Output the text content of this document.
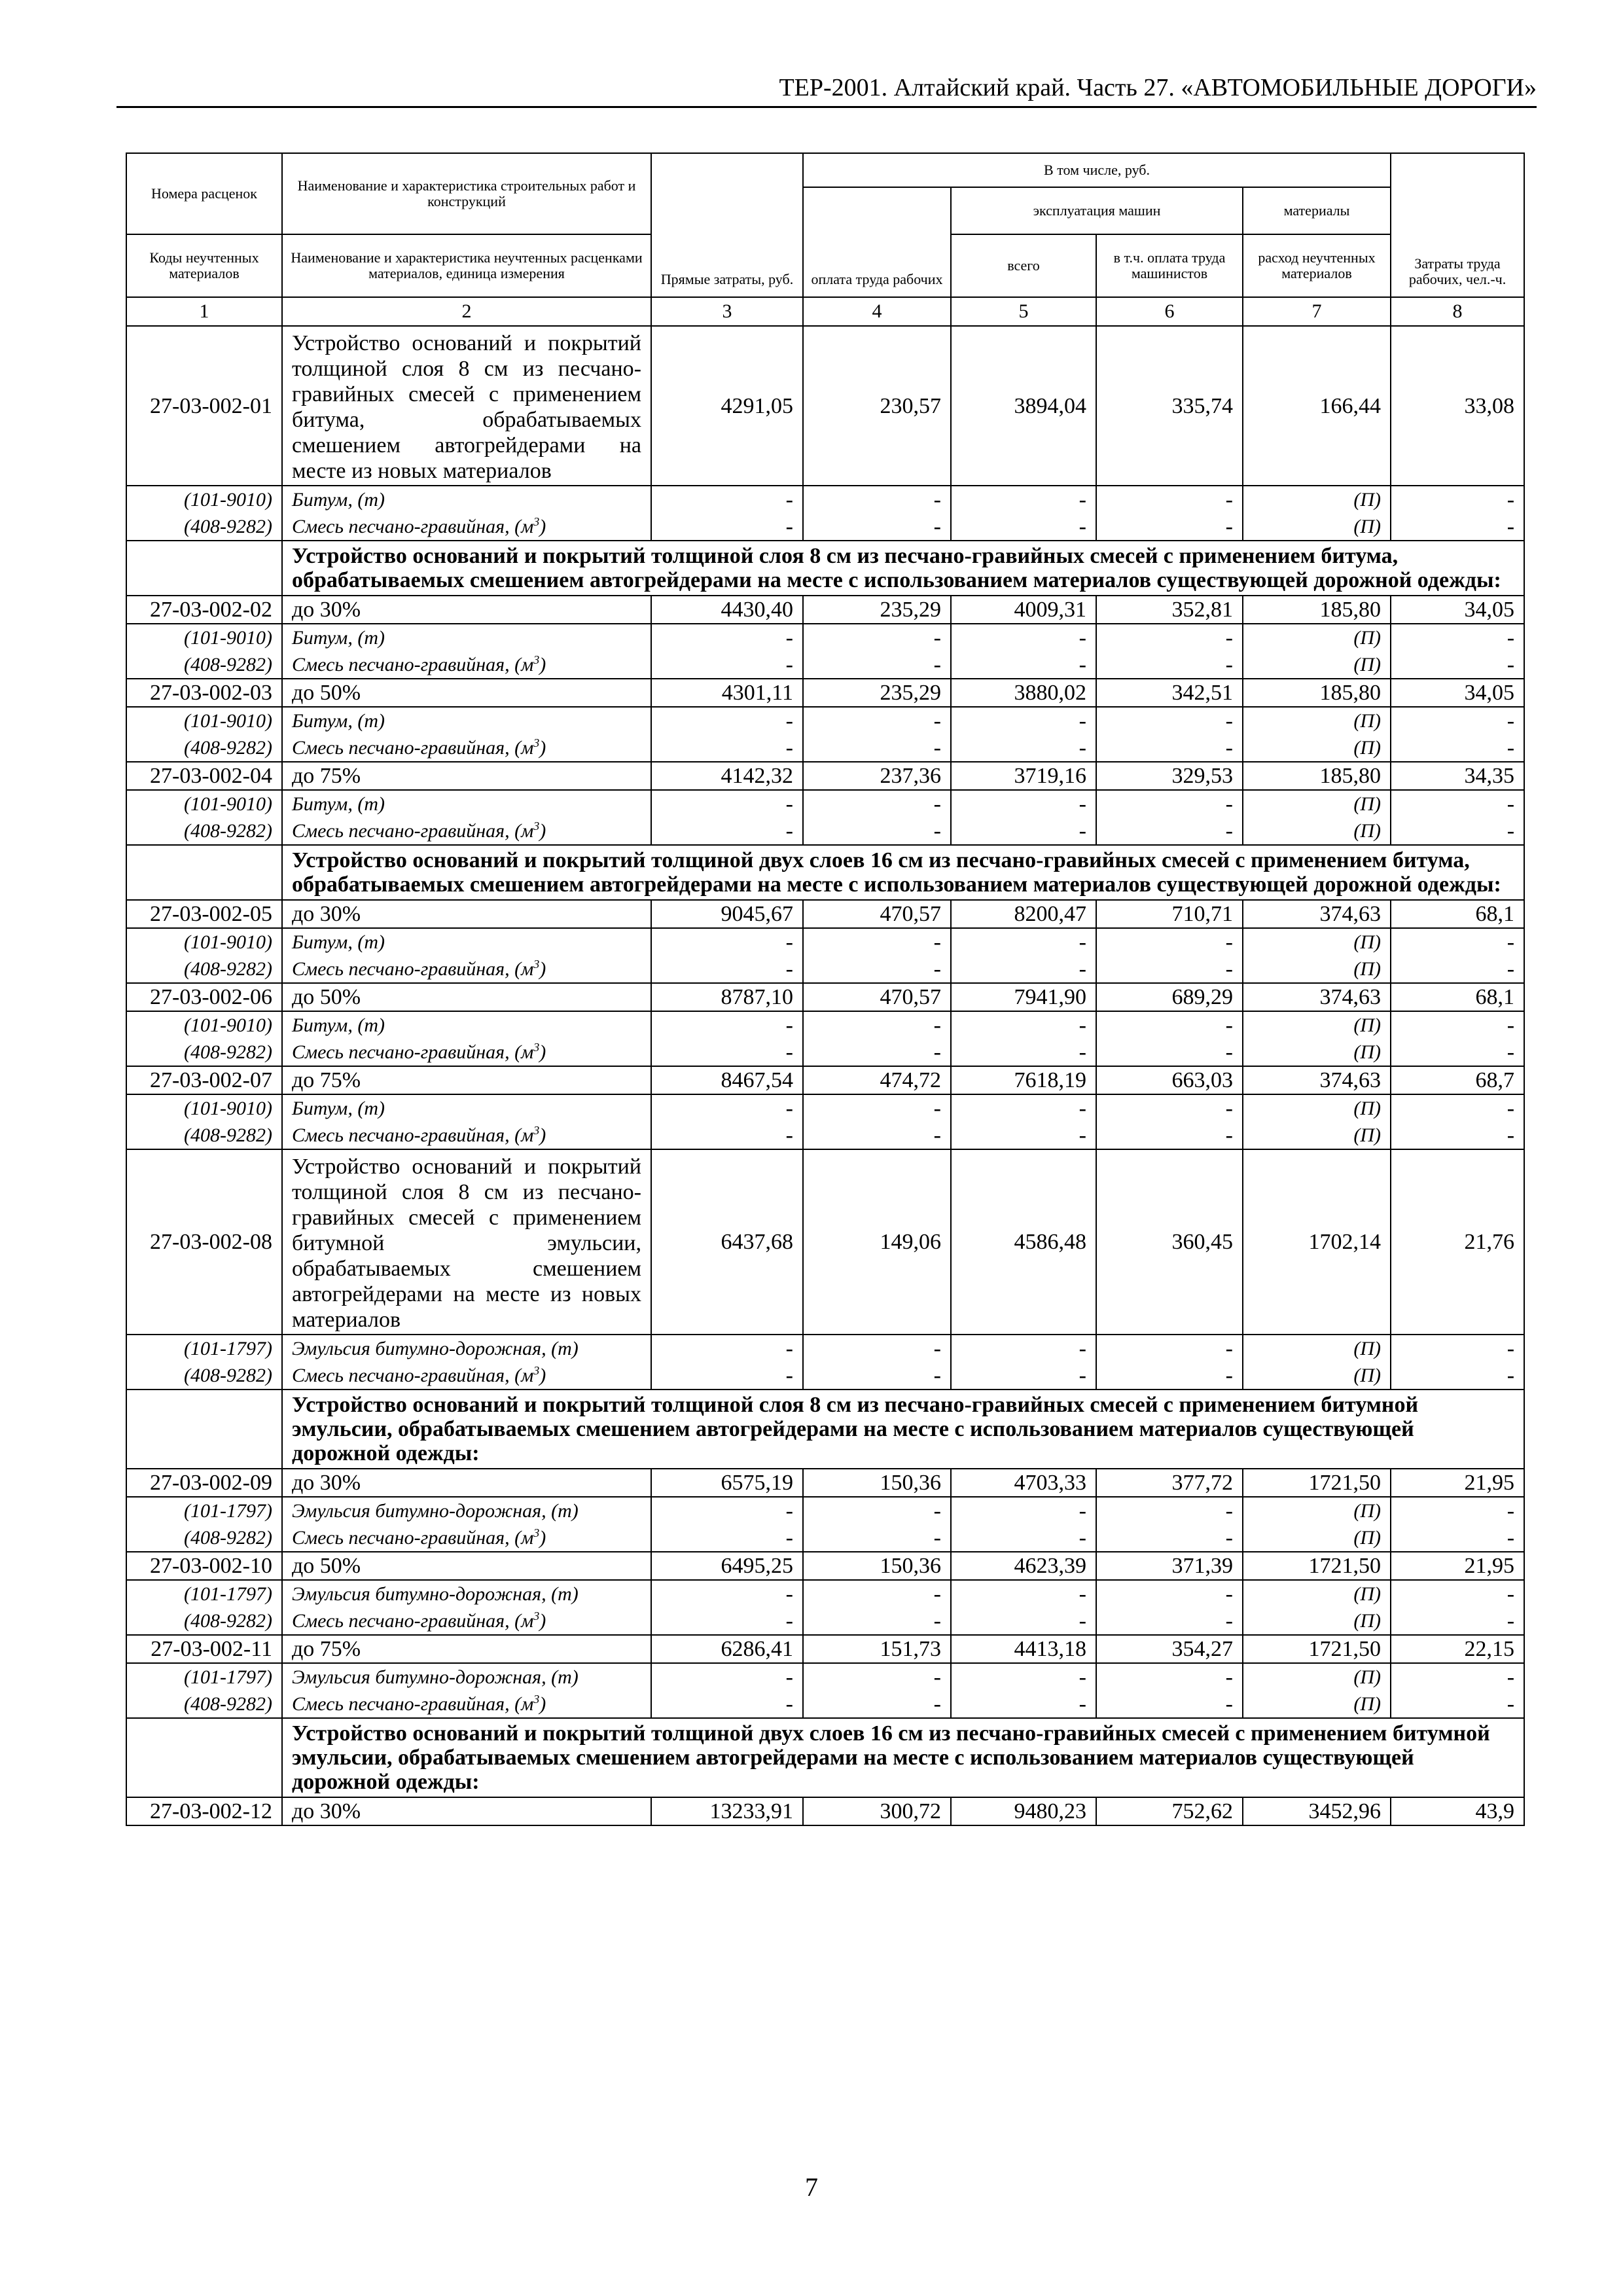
ТЕР-2001. Алтайский край. Часть 27. «АВТОМОБИЛЬНЫЕ ДОРОГИ»
Номера расценок	Наименование и характеристика строительных работ и конструкций	Прямые затраты, руб.	В том числе, руб.				Затраты труда рабочих, чел.-ч.
			оплата труда рабочих	эксплуатация машин		материалы	
Коды неучтенных материалов	Наименование и характеристика неучтенных расценками материалов, единица измерения			всего	в т.ч. оплата труда машинистов	расход неучтенных материалов	
1	2	3	4	5	6	7	8
27-03-002-01	Устройство оснований и покрытий толщиной слоя 8 см из песчано-гравийных смесей с применением битума, обрабатываемых смешением автогрейдерами на месте из новых материалов	4291,05	230,57	3894,04	335,74	166,44	33,08
(101-9010)	Битум, (т)	-	-	-	-	(П)	-
(408-9282)	Смесь песчано-гравийная, $(м^3)$	-	-	-	-	(П)	-
	Устройство оснований и покрытий толщиной слоя 8 см из песчано-гравийных смесей с применением битума, обрабатываемых смешением автогрейдерами на месте с использованием материалов существующей дорожной одежды:						
27-03-002-02	до 30%	4430,40	235,29	4009,31	352,81	185,80	34,05
(101-9010)	Битум, (т)	-	-	-	-	(П)	-
(408-9282)	Смесь песчано-гравийная, $(м^3)$	-	-	-	-	(П)	-
27-03-002-03	до 50%	4301,11	235,29	3880,02	342,51	185,80	34,05
(101-9010)	Битум, (т)	-	-	-	-	(П)	-
(408-9282)	Смесь песчано-гравийная, $(м^3)$	-	-	-	-	(П)	-
27-03-002-04	до 75%	4142,32	237,36	3719,16	329,53	185,80	34,35
(101-9010)	Битум, (т)	-	-	-	-	(П)	-
(408-9282)	Смесь песчано-гравийная, $(м^3)$	-	-	-	-	(П)	-
	Устройство оснований и покрытий толщиной двух слоев 16 см из песчано-гравийных смесей с применением битума, обрабатываемых смешением автогрейдерами на месте с использованием материалов существующей дорожной одежды:						
27-03-002-05	до 30%	9045,67	470,57	8200,47	710,71	374,63	68,1
(101-9010)	Битум, (т)	-	-	-	-	(П)	-
(408-9282)	Смесь песчано-гравийная, $(м^3)$	-	-	-	-	(П)	-
27-03-002-06	до 50%	8787,10	470,57	7941,90	689,29	374,63	68,1
(101-9010)	Битум, (т)	-	-	-	-	(П)	-
(408-9282)	Смесь песчано-гравийная, $(м^3)$	-	-	-	-	(П)	-
27-03-002-07	до 75%	8467,54	474,72	7618,19	663,03	374,63	68,7
(101-9010)	Битум, (т)	-	-	-	-	(П)	-
(408-9282)	Смесь песчано-гравийная, $(м^3)$	-	-	-	-	(П)	-
27-03-002-08	Устройство оснований и покрытий толщиной слоя 8 см из песчано-гравийных смесей с применением битумной эмульсии, обрабатываемых смешением автогрейдерами на месте из новых материалов	6437,68	149,06	4586,48	360,45	1702,14	21,76
(101-1797)	Эмульсия битумно-дорожная, (т)	-	-	-	-	(П)	-
(408-9282)	Смесь песчано-гравийная, $(м^3)$	-	-	-	-	(П)	-
	Устройство оснований и покрытий толщиной слоя 8 см из песчано-гравийных смесей с применением битумной эмульсии, обрабатываемых смешением автогрейдерами на месте с использованием материалов существующей дорожной одежды:						
27-03-002-09	до 30%	6575,19	150,36	4703,33	377,72	1721,50	21,95
(101-1797)	Эмульсия битумно-дорожная, (т)	-	-	-	-	(П)	-
(408-9282)	Смесь песчано-гравийная, $(м^3)$	-	-	-	-	(П)	-
27-03-002-10	до 50%	6495,25	150,36	4623,39	371,39	1721,50	21,95
(101-1797)	Эмульсия битумно-дорожная, (т)	-	-	-	-	(П)	-
(408-9282)	Смесь песчано-гравийная, $(м^3)$	-	-	-	-	(П)	-
27-03-002-11	до 75%	6286,41	151,73	4413,18	354,27	1721,50	22,15
(101-1797)	Эмульсия битумно-дорожная, (т)	-	-	-	-	(П)	-
(408-9282)	Смесь песчано-гравийная, $(м^3)$	-	-	-	-	(П)	-
	Устройство оснований и покрытий толщиной двух слоев 16 см из песчано-гравийных смесей с применением битумной эмульсии, обрабатываемых смешением автогрейдерами на месте с использованием материалов существующей дорожной одежды:						
27-03-002-12	до 30%	13233,91	300,72	9480,23	752,62	3452,96	43,9
7
